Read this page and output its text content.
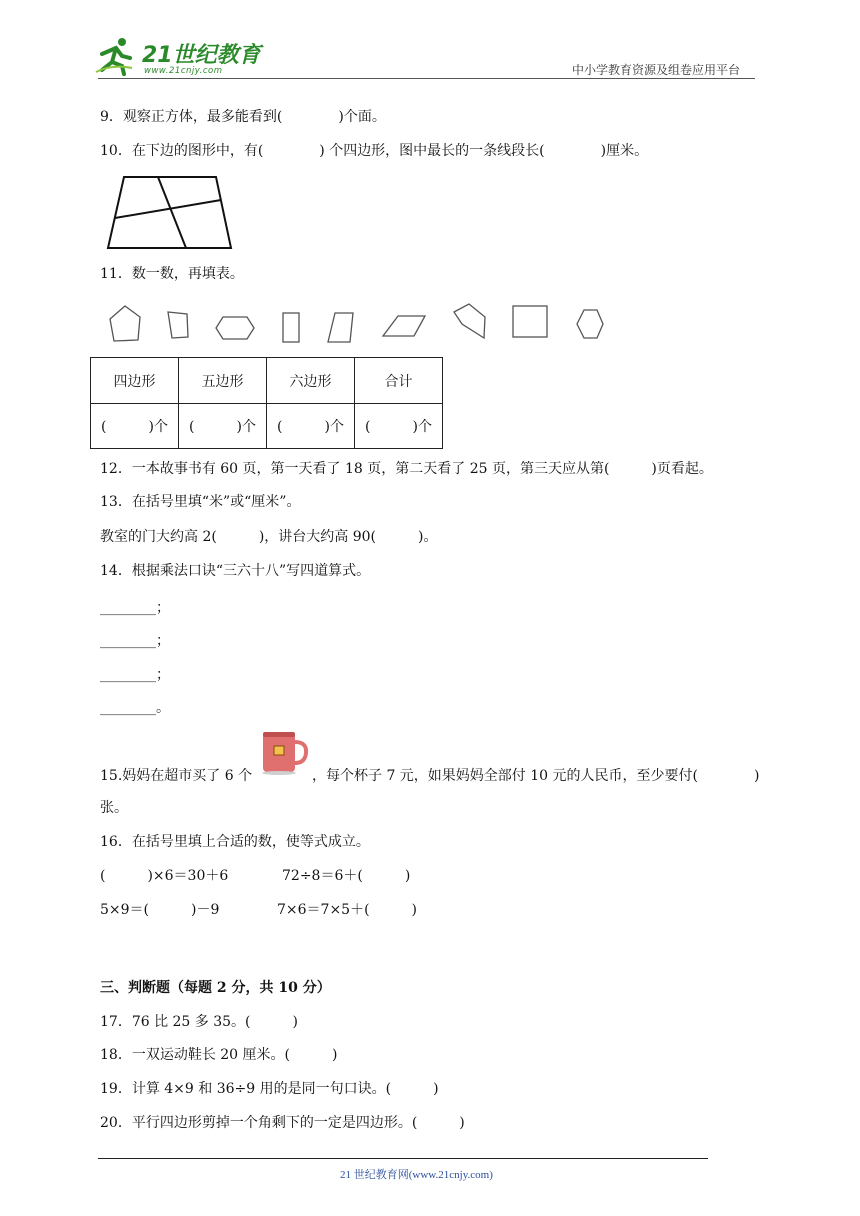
21世纪教育
www.21cnjy.com	中小学教育资源及组卷应用平台
9．观察正方体，最多能看到(　　　　)个面。
10．在下边的图形中，有(　　　　) 个四边形，图中最长的一条线段长(　　　　)厘米。
11．数一数，再填表。
四边形	五边形	六边形	合计
(　　　)个	(　　　)个	(　　　)个	(　　　)个
12．一本故事书有 60 页，第一天看了 18 页，第二天看了 25 页，第三天应从第(　　　)页看起。
13．在括号里填“米”或“厘米”。
教室的门大约高 2(　　　)，讲台大约高 90(　　　)。
14．根据乘法口诀“三六十八”写四道算式。
________；
________；
________；
________。
15.妈妈在超市买了 6 个	，每个杯子 7 元，如果妈妈全部付 10 元的人民币，至少要付(　　　　)
张。
16．在括号里填上合适的数，使等式成立。
(　　　)×6＝30＋6	72÷8＝6＋(　　　)
5×9＝(　　　)－9	7×6＝7×5＋(　　　)
三、判断题（每题 2 分，共 10 分）
17．76 比 25 多 35。(　　　)
18．一双运动鞋长 20 厘米。(　　　)
19．计算 4×9 和 36÷9 用的是同一句口诀。(　　　)
20．平行四边形剪掉一个角剩下的一定是四边形。(　　　)
21 世纪教育网(www.21cnjy.com)
